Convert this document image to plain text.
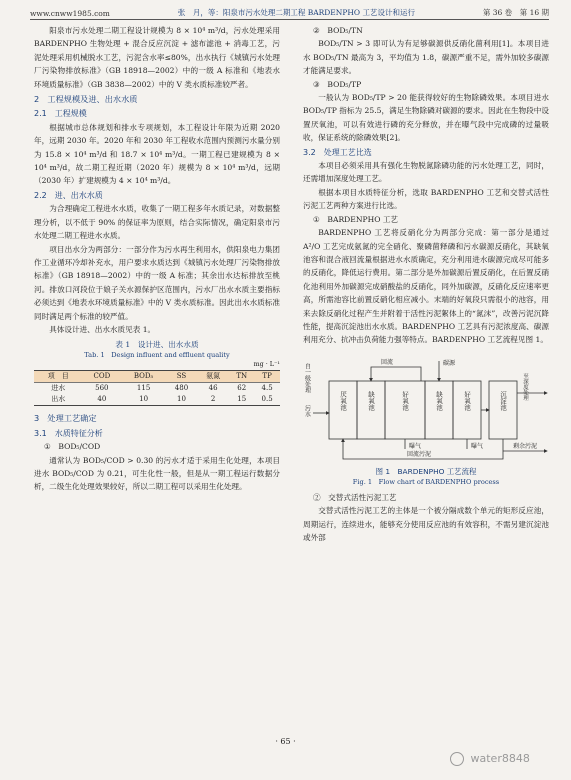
www.cnww1985.com	张　月，等：阳泉市污水处理二期工程 BARDENPHO 工艺设计和运行	第 36 卷　第 16 期

阳泉市污水处理二期工程设计规模为 8 × 10⁴ m³/d，污水处理采用 BARDENPHO 生物处理 + 混合反应沉淀 + 滤布滤池 + 消毒工艺，污泥处理采用机械脱水工艺，污泥含水率≤80%，出水执行《城镇污水处理厂污染物排放标准》（GB 18918—2002）中的一级 A 标准和《地表水环境质量标准》（GB 3838—2002）中的 V 类水质标准较严者。

2　工程规模及进、出水水质

2.1　工程规模

根据城市总体规划和排水专项规划，本工程设计年限为近期 2020 年，远期 2030 年。2020 年和 2030 年工程收水范围内预测污水量分别为 15.8 × 10⁴ m³/d 和 18.7 × 10⁴ m³/d。一期工程已建规模为 8 × 10⁴ m³/d，故二期工程近期（2020 年）规模为 8 × 10⁴ m³/d，远期（2030 年）扩建规模为 4 × 10⁴ m³/d。

2.2　进、出水水质

为合理确定工程进水水质，收集了一期工程多年水质记录，对数据整理分析，以不低于 90% 的保证率为原则，结合实际情况，确定阳泉市污水处理二期工程进水水质。

项目出水分为两部分：一部分作为污水再生利用水，供阳泉电力集团作工业循环冷却补充水，用户要求水质达到《城镇污水处理厂污染物排放标准》（GB 18918—2002）中的一级 A 标准；其余出水达标排放至桃河。排放口河段位于娘子关水源保护区范围内，污水厂出水水质主要指标必须达到《地表水环境质量标准》中的 V 类水质标准。因此出水水质标准同时满足两个标准的较严值。

具体设计进、出水水质见表 1。

表 1　设计进、出水水质

Tab. 1　Design influent and effluent quality

mg · L⁻¹

项　目	COD	BOD₅	SS	氨氮	TN	TP
进水	560	115	480	46	62	4.5
出水	40	10	10	2	15	0.5

3　处理工艺确定

3.1　水质特征分析

①　BOD₅/COD

通常认为 BOD₅/COD > 0.30 的污水才适于采用生化处理，本项目进水 BOD₅/COD 为 0.21，可生化性一般，但是从一期工程运行数据分析，二级生化处理效果较好，所以二期工程可以采用生化处理。

②　BOD₅/TN

BOD₅/TN > 3 即可认为有足够碳源供反硝化菌利用[1]。本项目进水 BOD₅/TN 最高为 3，平均值为 1.8，碳源严重不足，需外加较多碳源才能满足要求。

③　BOD₅/TP

一般认为 BOD₅/TP > 20 能获得较好的生物除磷效果。本项目进水 BOD₅/TP 指标为 25.5，满足生物除磷对碳源的要求。因此在生物段中设置厌氧池，可以有效进行磷的充分释放，并在曝气段中完成磷的过量吸收，保证系统的除磷效果[2]。

3.2　处理工艺比选

本项目必须采用具有强化生物脱氮除磷功能的污水处理工艺，同时，还需增加深度处理工艺。

根据本项目水质特征分析，选取 BARDENPHO 工艺和交替式活性污泥工艺两种方案进行比选。

①　BARDENPHO 工艺

BARDENPHO 工艺将反硝化分为两部分完成：第一部分是通过 A²/O 工艺完成氨氮的完全硝化、聚磷菌释磷和污水碳源反硝化，其缺氧池容和混合液回流量根据进水水质确定，充分利用进水碳源完成尽可能多的反硝化，降低运行费用。第二部分是外加碳源后置反硝化，在后置反硝化池利用外加碳源完成硝酸盐的反硝化，同外加碳源，反硝化反应速率更高，所需池容比前置反硝化相应减小。末端的好氧段只需很小的池容，用来去除反硝化过程产生并附着于活性污泥絮体上的“氮沫”，改善污泥沉降性能，提高沉淀池出水水质。BARDENPHO 工艺具有污泥浓度高、碳源利用充分、抗冲击负荷能力强等特点。BARDENPHO 工艺流程见图 1。

自一级处理
污水
厌氧池	缺氧池	好氧池	缺氧池	好氧池	沉淀池
回流	碳源
至深度处理
曝气	曝气
回流污泥
剩余污泥

图 1　BARDENPHO 工艺流程

Fig. 1　Flow chart of BARDENPHO process

②　交替式活性污泥工艺

交替式活性污泥工艺的主体是一个被分隔成数个单元的矩形反应池，周期运行，连续进水，能够充分使用反应池的有效容积，不需另建沉淀池或外部

· 65 ·
water8848
